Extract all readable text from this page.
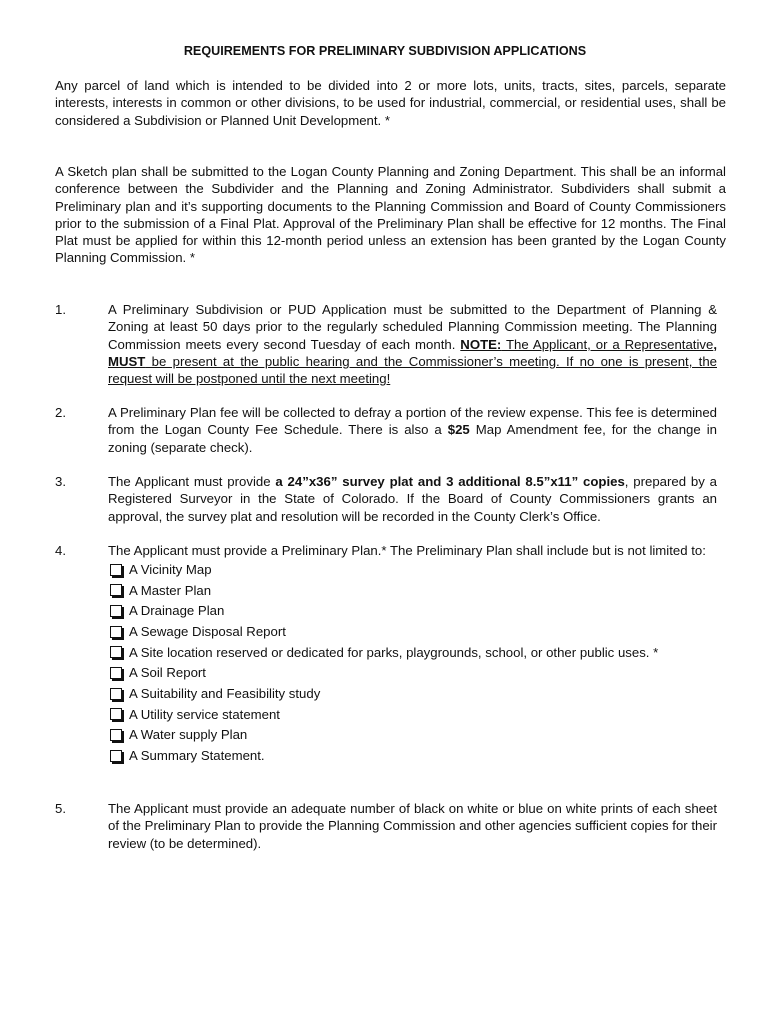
REQUIREMENTS FOR PRELIMINARY SUBDIVISION APPLICATIONS
Any parcel of land which is intended to be divided into 2 or more lots, units, tracts, sites, parcels, separate interests, interests in common or other divisions, to be used for industrial, commercial, or residential uses, shall be considered a Subdivision or Planned Unit Development. *
A Sketch plan shall be submitted to the Logan County Planning and Zoning Department. This shall be an informal conference between the Subdivider and the Planning and Zoning Administrator. Subdividers shall submit a Preliminary plan and it’s supporting documents to the Planning Commission and Board of County Commissioners prior to the submission of a Final Plat. Approval of the Preliminary Plan shall be effective for 12 months. The Final Plat must be applied for within this 12-month period unless an extension has been granted by the Logan County Planning Commission. *
1.	A Preliminary Subdivision or PUD Application must be submitted to the Department of Planning & Zoning at least 50 days prior to the regularly scheduled Planning Commission meeting. The Planning Commission meets every second Tuesday of each month. NOTE: The Applicant, or a Representative, MUST be present at the public hearing and the Commissioner’s meeting. If no one is present, the request will be postponed until the next meeting!
2.	A Preliminary Plan fee will be collected to defray a portion of the review expense. This fee is determined from the Logan County Fee Schedule. There is also a $25 Map Amendment fee, for the change in zoning (separate check).
3.	The Applicant must provide a 24”x36” survey plat and 3 additional 8.5”x11” copies, prepared by a Registered Surveyor in the State of Colorado. If the Board of County Commissioners grants an approval, the survey plat and resolution will be recorded in the County Clerk’s Office.
4.	The Applicant must provide a Preliminary Plan.* The Preliminary Plan shall include but is not limited to:
A Vicinity Map
A Master Plan
A Drainage Plan
A Sewage Disposal Report
A Site location reserved or dedicated for parks, playgrounds, school, or other public uses. *
A Soil Report
A Suitability and Feasibility study
A Utility service statement
A Water supply Plan
A Summary Statement.
5.	The Applicant must provide an adequate number of black on white or blue on white prints of each sheet of the Preliminary Plan to provide the Planning Commission and other agencies sufficient copies for their review (to be determined).
